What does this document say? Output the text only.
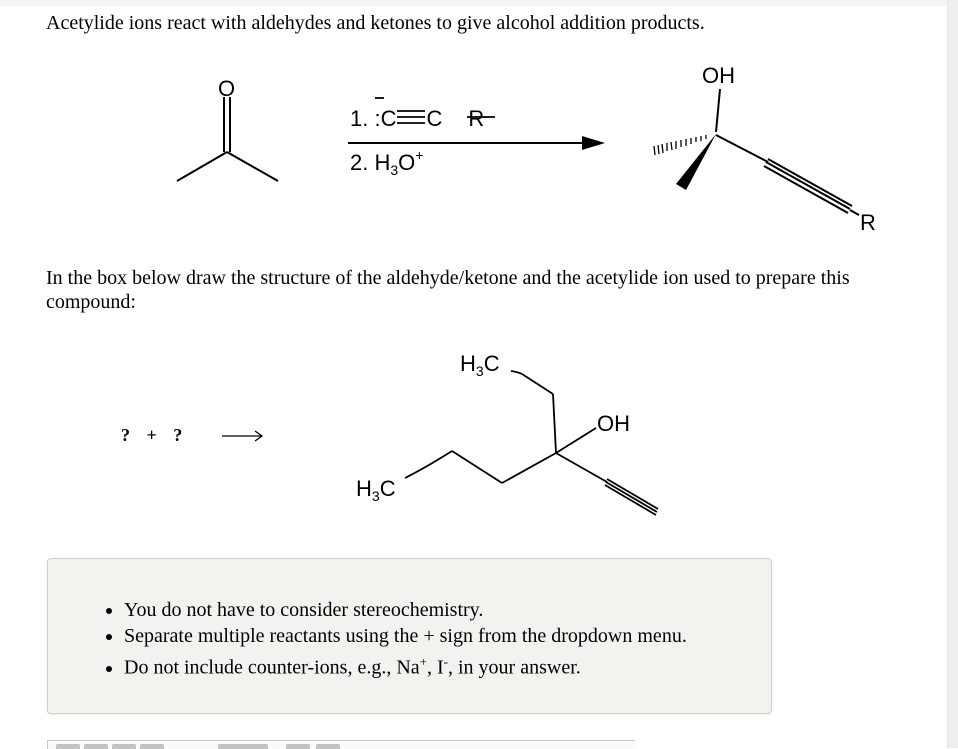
Acetylide ions react with aldehydes and ketones to give alcohol addition products.

O
1. :C C R
2. $H_3O^+$
OH
R
$H_3C$
OH
$H_3C$

In the box below draw the structure of the aldehyde/ketone and the acetylide ion used to prepare this compound:

? + ?
• You do not have to consider stereochemistry.
• Separate multiple reactants using the + sign from the dropdown menu.
• Do not include counter-ions, e.g., Na+, I-, in your answer.
